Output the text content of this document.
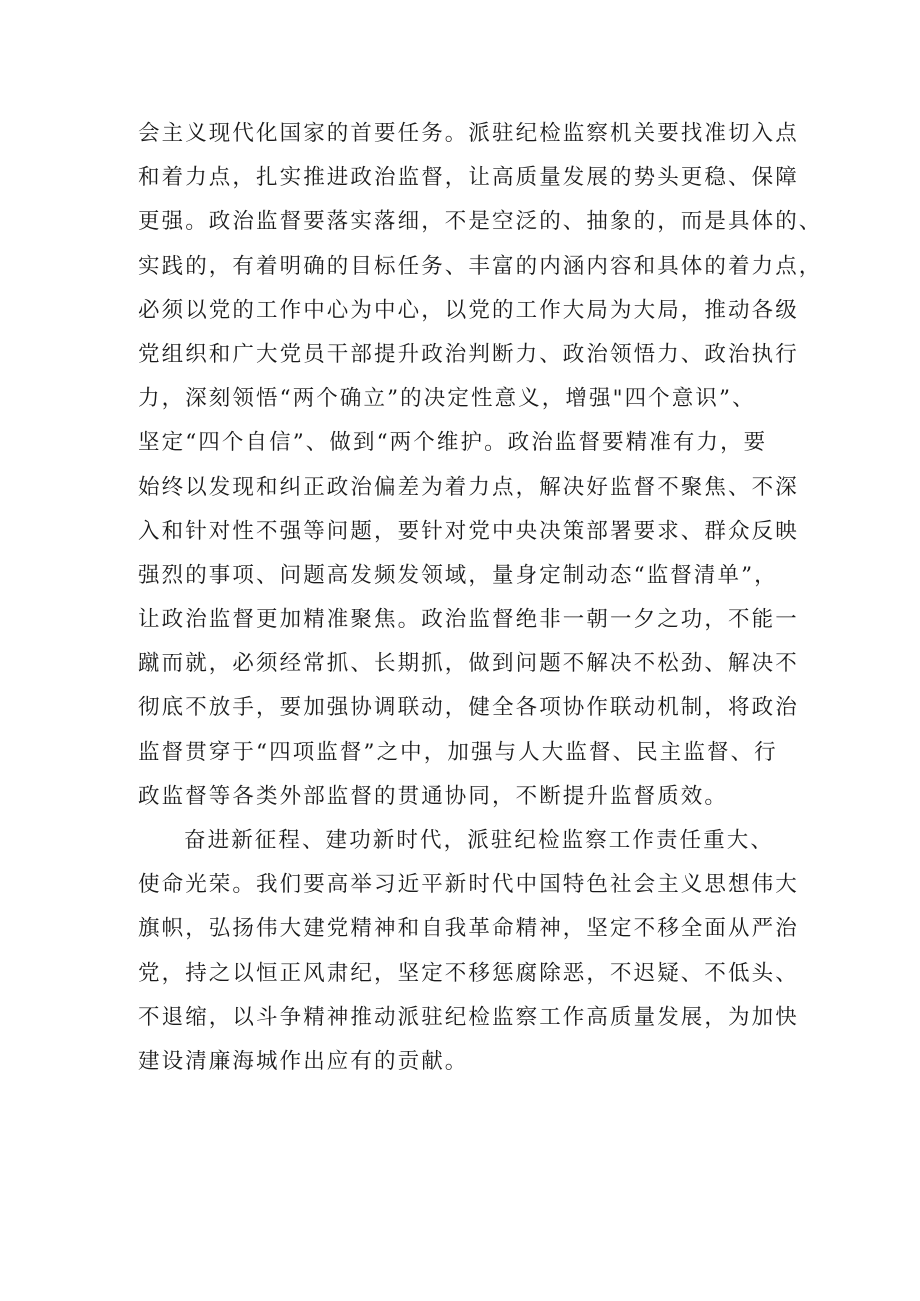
会主义现代化国家的首要任务。派驻纪检监察机关要找准切入点
和着力点，扎实推进政治监督，让高质量发展的势头更稳、保障
更强。政治监督要落实落细，不是空泛的、抽象的，而是具体的、
实践的，有着明确的目标任务、丰富的内涵内容和具体的着力点，
必须以党的工作中心为中心，以党的工作大局为大局，推动各级
党组织和广大党员干部提升政治判断力、政治领悟力、政治执行
力，深刻领悟“两个确立”的决定性意义，增强"四个意识”、
坚定“四个自信”、做到“两个维护。政治监督要精准有力，要
始终以发现和纠正政治偏差为着力点，解决好监督不聚焦、不深
入和针对性不强等问题，要针对党中央决策部署要求、群众反映
强烈的事项、问题高发频发领域，量身定制动态“监督清单”，
让政治监督更加精准聚焦。政治监督绝非一朝一夕之功，不能一
蹴而就，必须经常抓、长期抓，做到问题不解决不松劲、解决不
彻底不放手，要加强协调联动，健全各项协作联动机制，将政治
监督贯穿于“四项监督”之中，加强与人大监督、民主监督、行
政监督等各类外部监督的贯通协同，不断提升监督质效。
奋进新征程、建功新时代，派驻纪检监察工作责任重大、
使命光荣。我们要高举习近平新时代中国特色社会主义思想伟大
旗帜，弘扬伟大建党精神和自我革命精神，坚定不移全面从严治
党，持之以恒正风肃纪，坚定不移惩腐除恶，不迟疑、不低头、
不退缩，以斗争精神推动派驻纪检监察工作高质量发展，为加快
建设清廉海城作出应有的贡献。
